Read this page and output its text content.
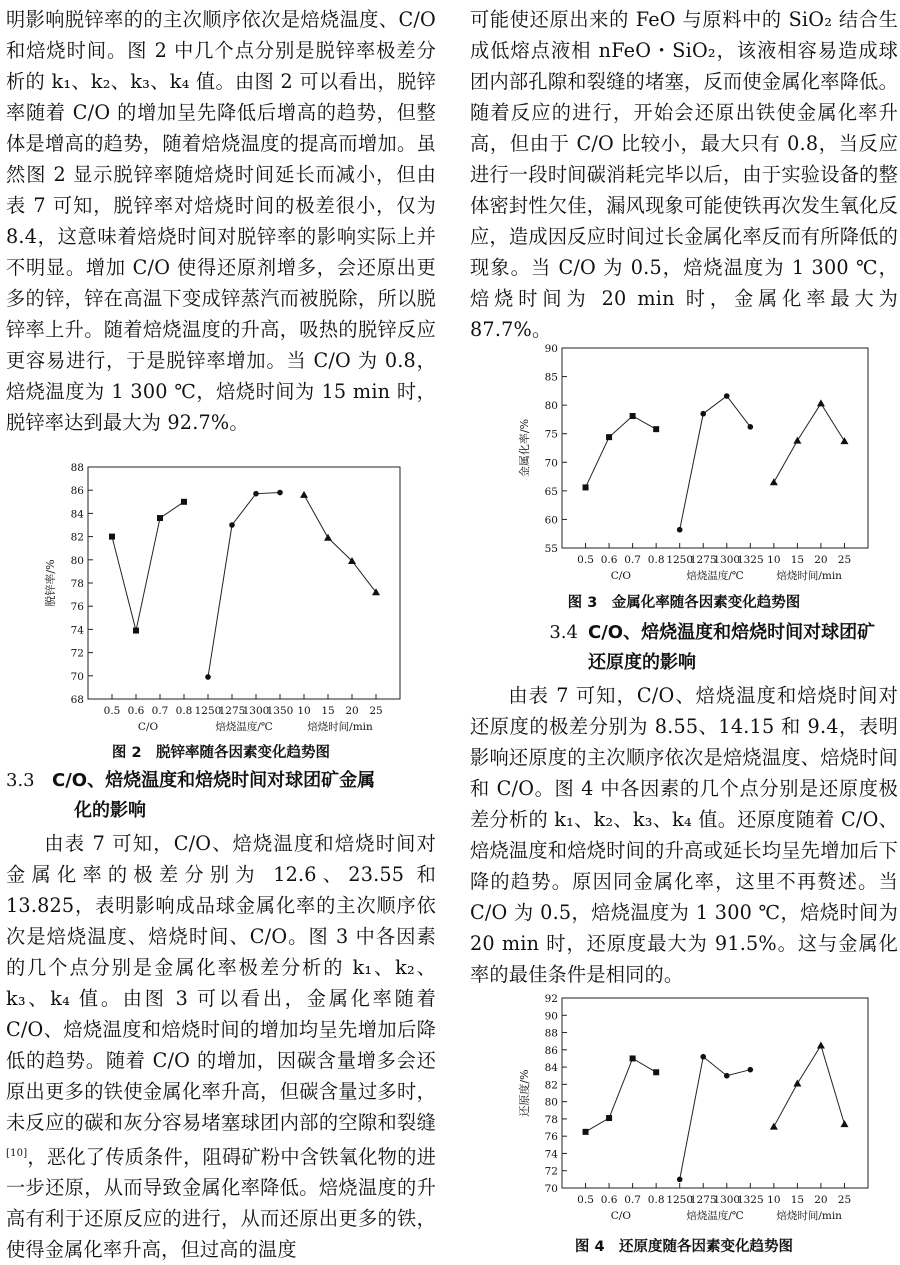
明影响脱锌率的的主次顺序依次是焙烧温度、C/O 和焙烧时间。图 2 中几个点分别是脱锌率极差分析的 k₁、k₂、k₃、k₄ 值。由图 2 可以看出，脱锌率随着 C/O 的增加呈先降低后增高的趋势，但整体是增高的趋势，随着焙烧温度的提高而增加。虽然图 2 显示脱锌率随焙烧时间延长而减小，但由表 7 可知，脱锌率对焙烧时间的极差很小，仅为 8.4，这意味着焙烧时间对脱锌率的影响实际上并不明显。增加 C/O 使得还原剂增多，会还原出更多的锌，锌在高温下变成锌蒸汽而被脱除，所以脱锌率上升。随着焙烧温度的升高，吸热的脱锌反应更容易进行，于是脱锌率增加。当 C/O 为 0.8，焙烧温度为 1 300 ℃，焙烧时间为 15 min 时，脱锌率达到最大为 92.7%。

68
70
72
74
76
78
80
82
84
86
88
0.5 0.6 0.7 0.8 1250
1275
1300
1350 10 15 20 25
C/O	焙烧温度/℃	焙烧时间/min
脱锌率/%

图 2　脱锌率随各因素变化趋势图

3.3 C/O、焙烧温度和焙烧时间对球团矿金属
化的影响

由表 7 可知，C/O、焙烧温度和焙烧时间对金属化率的极差分别为 12.6、23.55 和 13.825，表明影响成品球金属化率的主次顺序依次是焙烧温度、焙烧时间、C/O。图 3 中各因素的几个点分别是金属化率极差分析的 k₁、k₂、k₃、k₄ 值。由图 3 可以看出，金属化率随着 C/O、焙烧温度和焙烧时间的增加均呈先增加后降低的趋势。随着 C/O 的增加，因碳含量增多会还原出更多的铁使金属化率升高，但碳含量过多时，未反应的碳和灰分容易堵塞球团内部的空隙和裂缝[10]，恶化了传质条件，阻碍矿粉中含铁氧化物的进一步还原，从而导致金属化率降低。焙烧温度的升高有利于还原反应的进行，从而还原出更多的铁，使得金属化率升高，但过高的温度

可能使还原出来的 FeO 与原料中的 SiO₂ 结合生成低熔点液相 nFeO・SiO₂，该液相容易造成球团内部孔隙和裂缝的堵塞，反而使金属化率降低。随着反应的进行，开始会还原出铁使金属化率升高，但由于 C/O 比较小，最大只有 0.8，当反应进行一段时间碳消耗完毕以后，由于实验设备的整体密封性欠佳，漏风现象可能使铁再次发生氧化反应，造成因反应时间过长金属化率反而有所降低的现象。当 C/O 为 0.5，焙烧温度为 1 300 ℃，焙烧时间为 20 min 时，金属化率最大为 87.7%。

55
60
65
70
75
80
85
90
0.5 0.6 0.7 0.8 1250
1275
1300
1325 10 15 20 25
C/O	焙烧温度/℃	焙烧时间/min
金属化率/%

图 3　金属化率随各因素变化趋势图

3.4 C/O、焙烧温度和焙烧时间对球团矿
还原度的影响

由表 7 可知，C/O、焙烧温度和焙烧时间对还原度的极差分别为 8.55、14.15 和 9.4，表明影响还原度的主次顺序依次是焙烧温度、焙烧时间和 C/O。图 4 中各因素的几个点分别是还原度极差分析的 k₁、k₂、k₃、k₄ 值。还原度随着 C/O、焙烧温度和焙烧时间的升高或延长均呈先增加后下降的趋势。原因同金属化率，这里不再赘述。当 C/O 为 0.5，焙烧温度为 1 300 ℃，焙烧时间为 20 min 时，还原度最大为 91.5%。这与金属化率的最佳条件是相同的。

70
72
74
76
78
80
82
84
86
88
90
92
0.5 0.6 0.7 0.8 1250
1275
1300
1325 10 15 20 25
C/O	焙烧温度/℃	焙烧时间/min
还原度/%

图 4　还原度随各因素变化趋势图
